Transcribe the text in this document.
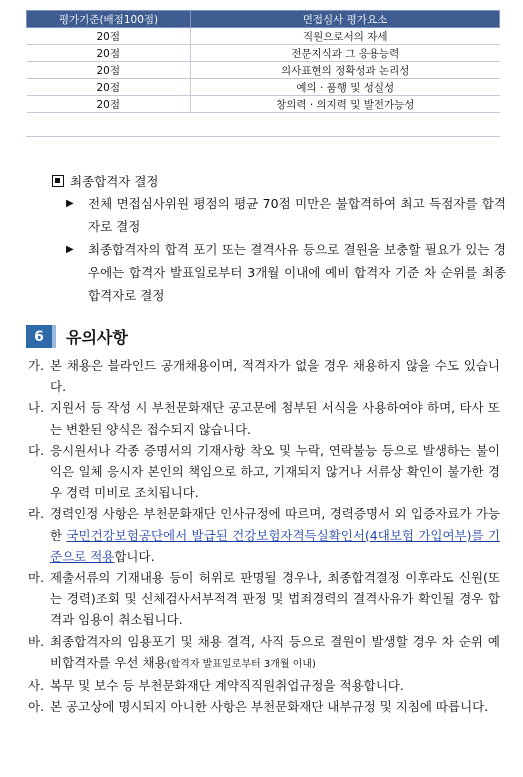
평가기준(배점100점)	면접심사 평가요소
20점	직원으로서의 자세
20점	전문지식과 그 응용능력
20점	의사표현의 정확성과 논리성
20점	예의 · 품행 및 성실성
20점	창의력 · 의지력 및 발전가능성
최종합격자 결정
▶ 전체 면접심사위원 평점의 평균 70점 미만은 불합격하여 최고 득점자를 합격자로 결정
▶ 최종합격자의 합격 포기 또는 결격사유 등으로 결원을 보충할 필요가 있는 경우에는 합격자 발표일로부터 3개월 이내에 예비 합격자 기준 차 순위를 최종합격자로 결정
6	유의사항
가. 본 채용은 블라인드 공개채용이며, 적격자가 없을 경우 채용하지 않을 수도 있습니다.
나. 지원서 등 작성 시 부천문화재단 공고문에 첨부된 서식을 사용하여야 하며, 타사 또는 변환된 양식은 접수되지 않습니다.
다. 응시원서나 각종 증명서의 기재사항 착오 및 누락, 연락불능 등으로 발생하는 불이익은 일체 응시자 본인의 책임으로 하고, 기재되지 않거나 서류상 확인이 불가한 경우 경력 미비로 조치됩니다.
라. 경력인정 사항은 부천문화재단 인사규정에 따르며, 경력증명서 외 입증자료가 가능한 국민건강보험공단에서 발급된 건강보험자격득실확인서(4대보험 가입여부)를 기준으로 적용합니다.
마. 제출서류의 기재내용 등이 허위로 판명될 경우나, 최종합격결정 이후라도 신원(또는 경력)조회 및 신체검사서부적격 판정 및 법죄경력의 결격사유가 확인될 경우 합격과 임용이 취소됩니다.
바. 최종합격자의 임용포기 및 채용 결격, 사직 등으로 결원이 발생할 경우 차 순위 예비합격자를 우선 채용(합격자 발표일로부터 3개월 이내)
사. 복무 및 보수 등 부천문화재단 계약직직원취업규정을 적용합니다.
아. 본 공고상에 명시되지 아니한 사항은 부천문화재단 내부규정 및 지침에 따릅니다.
